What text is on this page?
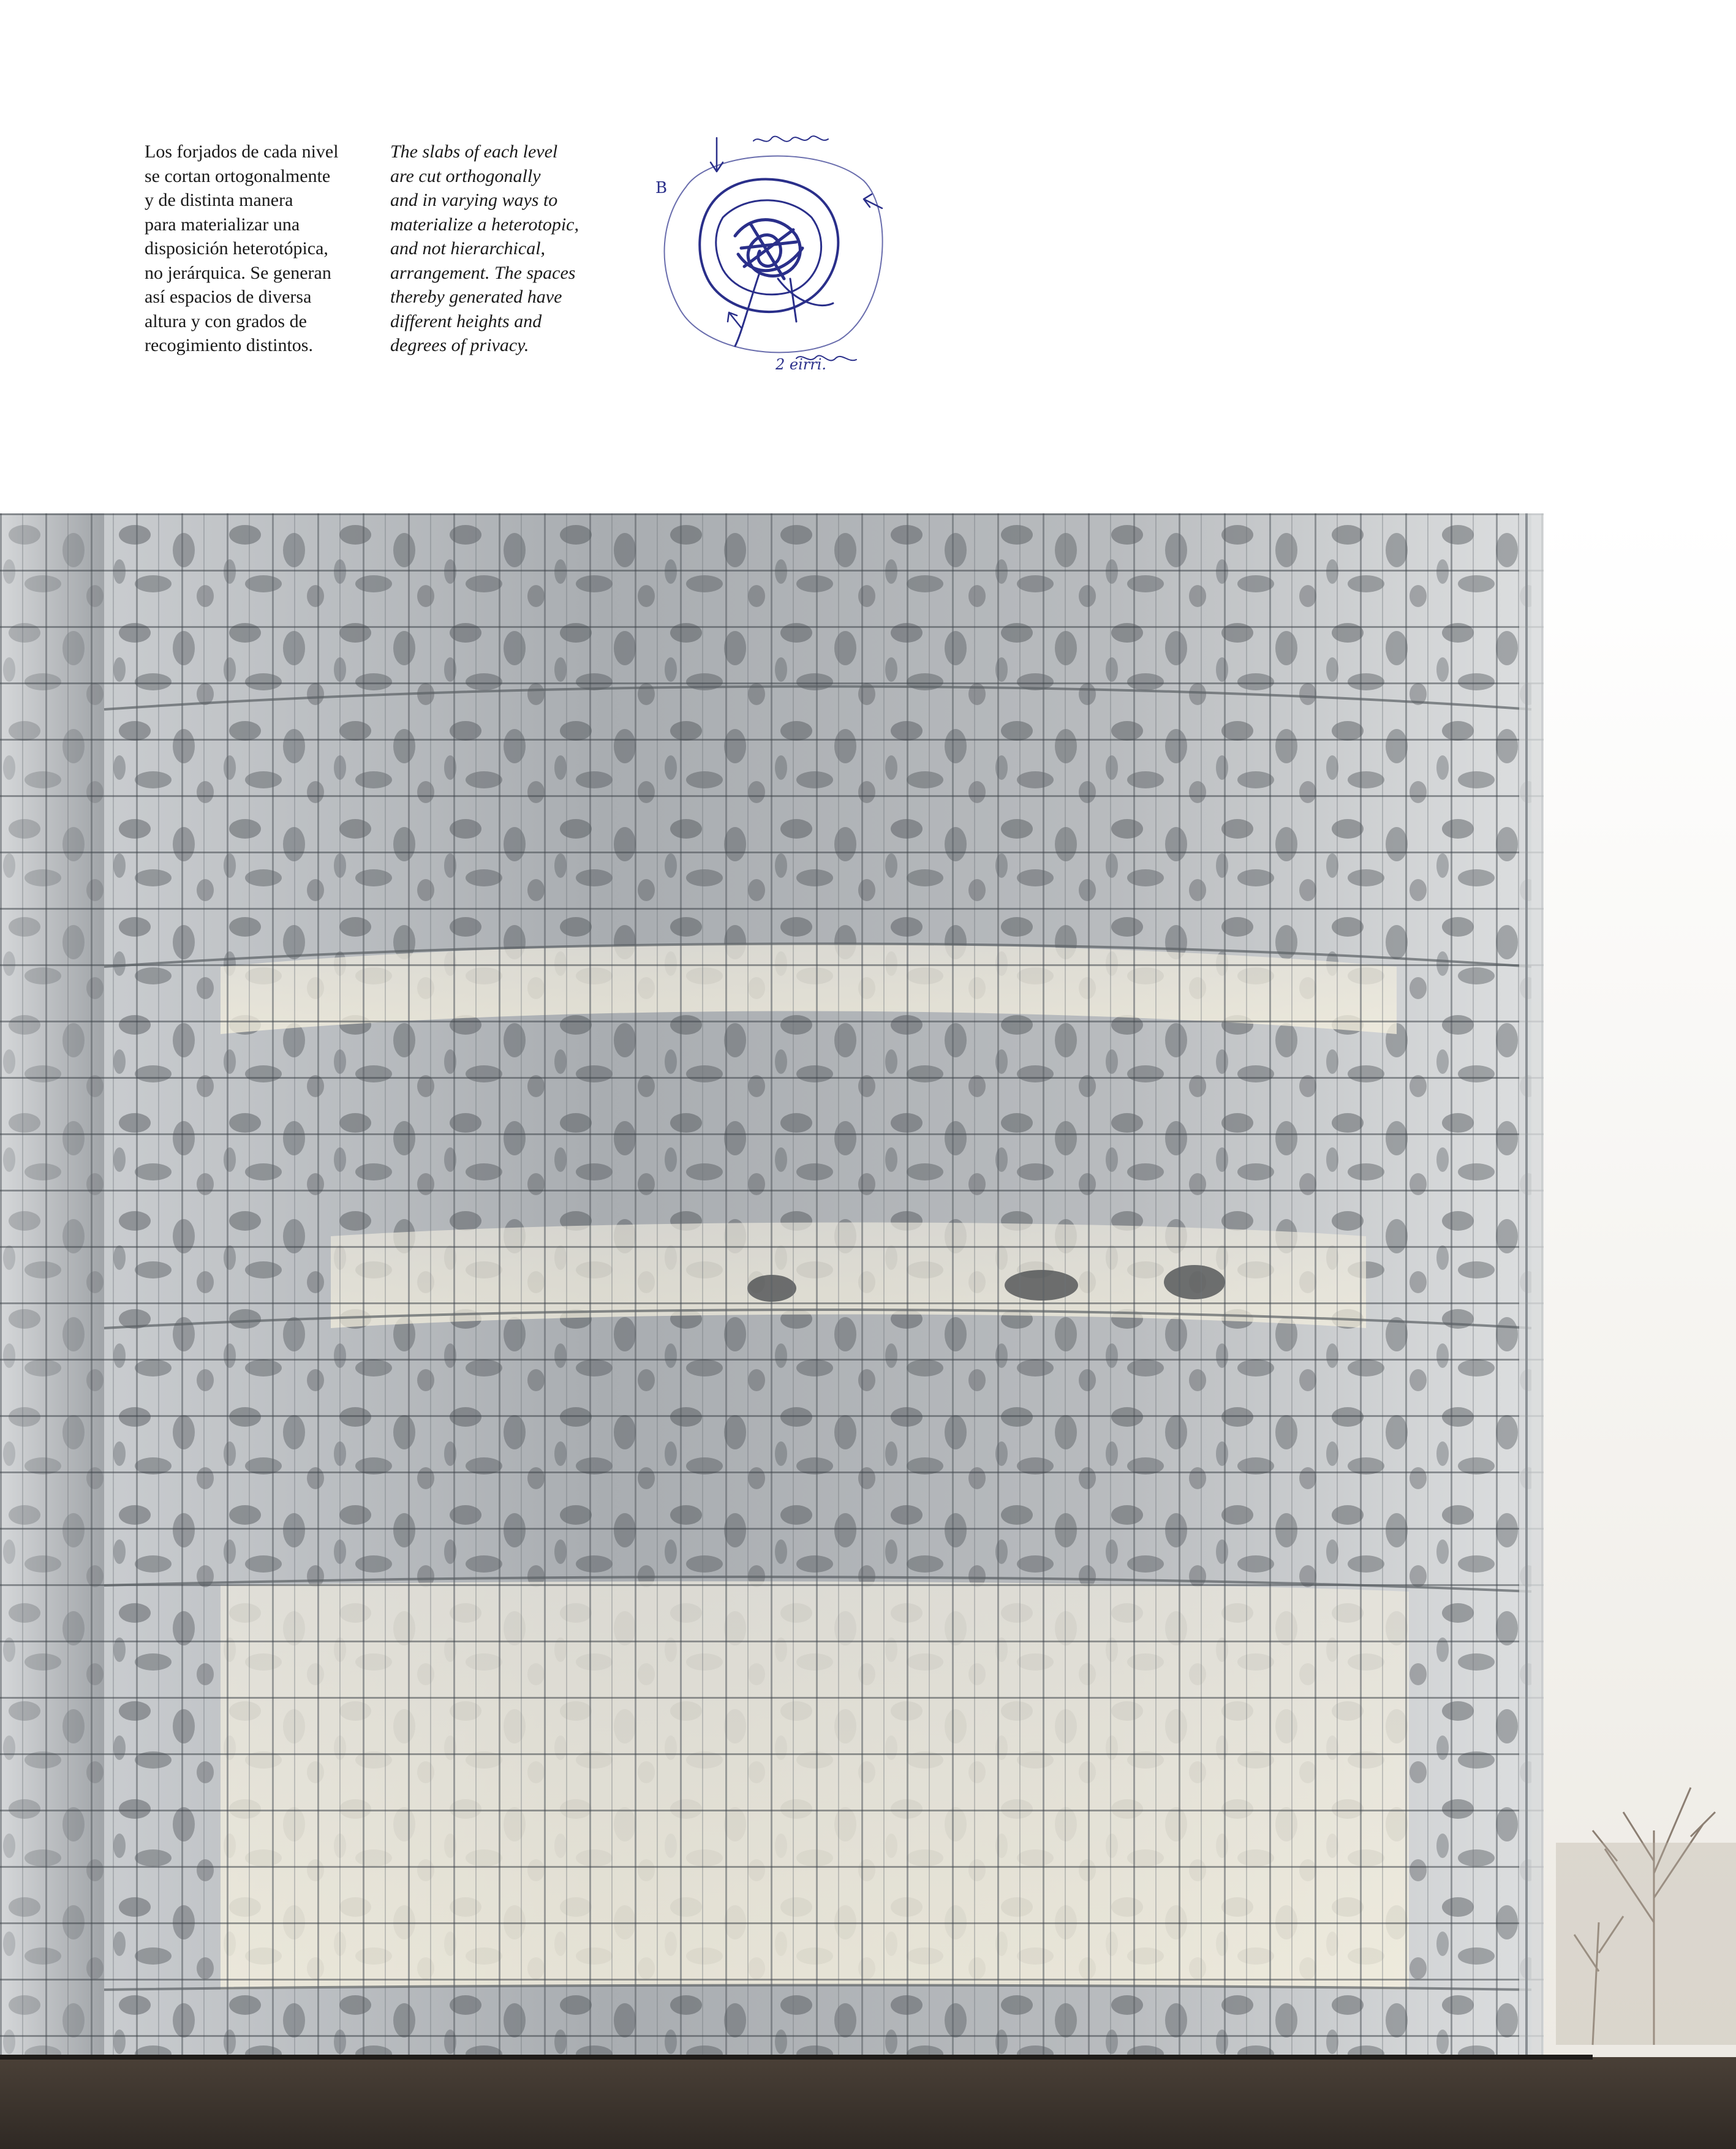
Los forjados de cada nivel
se cortan ortogonalmente
y de distinta manera
para materializar una
disposición heterotópica,
no jerárquica. Se generan
así espacios de diversa
altura y con grados de
recogimiento distintos.
The slabs of each level
are cut orthogonally
and in varying ways to
materialize a heterotopic,
and not hierarchical,
arrangement. The spaces
thereby generated have
different heights and
degrees of privacy.
B
2 eirri.
